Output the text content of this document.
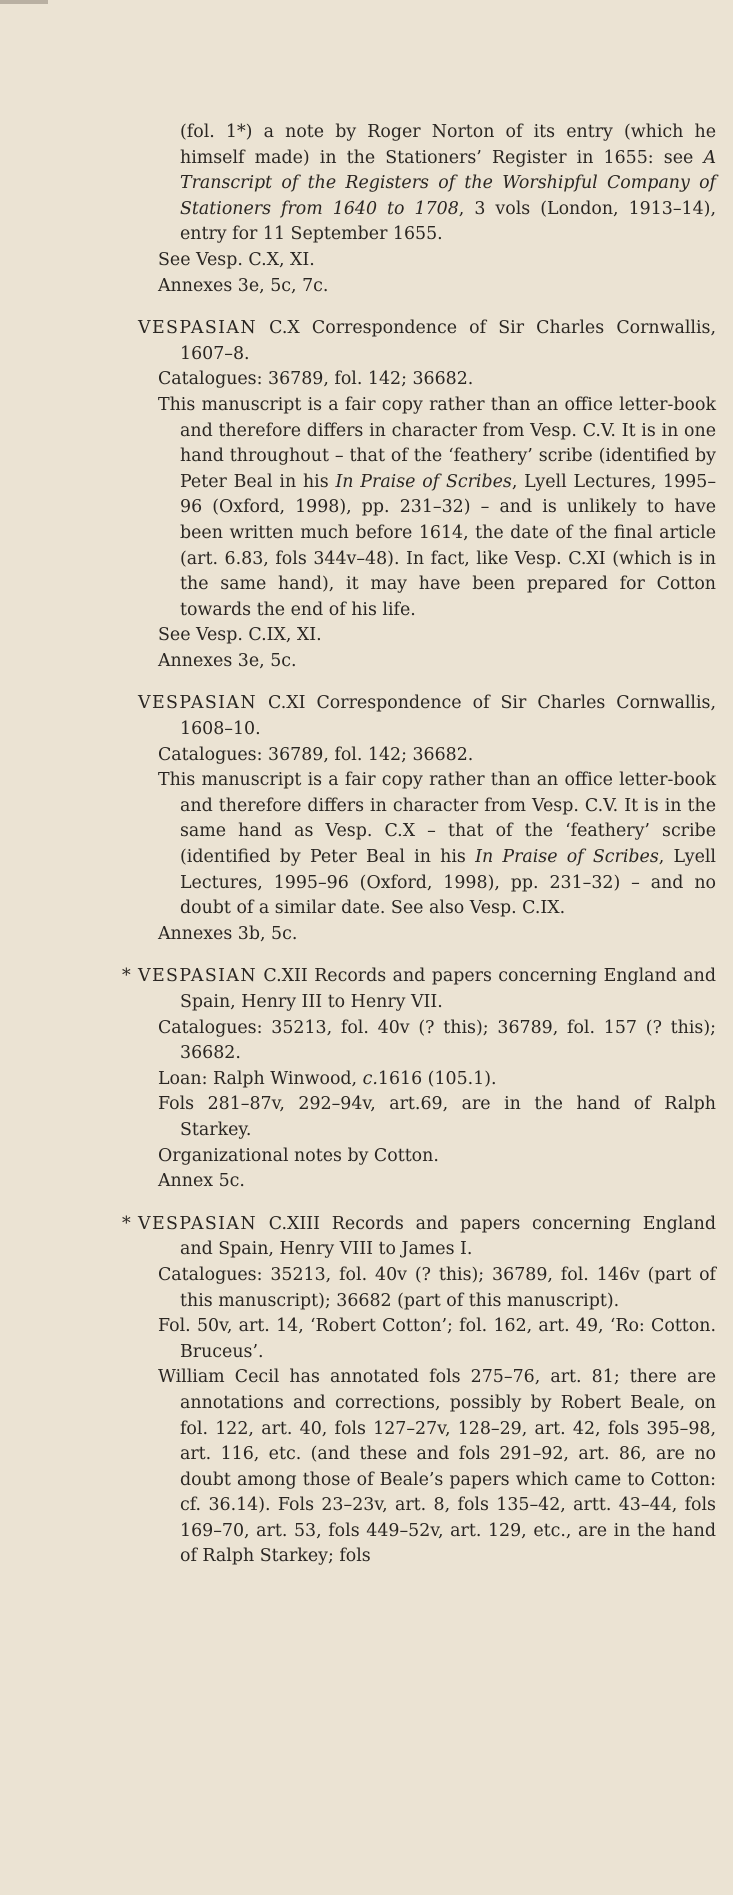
(fol. 1*) a note by Roger Norton of its entry (which he himself made) in the Stationers’ Register in 1655: see A Transcript of the Registers of the Worshipful Company of Stationers from 1640 to 1708, 3 vols (London, 1913–14), entry for 11 September 1655.

See Vesp. C.X, XI.

Annexes 3e, 5c, 7c.

VESPASIAN C.X Correspondence of Sir Charles Cornwallis, 1607–8.

Catalogues: 36789, fol. 142; 36682.

This manuscript is a fair copy rather than an office letter-book and therefore differs in character from Vesp. C.V. It is in one hand throughout – that of the ‘feathery’ scribe (identified by Peter Beal in his In Praise of Scribes, Lyell Lectures, 1995–96 (Oxford, 1998), pp. 231–32) – and is unlikely to have been written much before 1614, the date of the final article (art. 6.83, fols 344v–48). In fact, like Vesp. C.XI (which is in the same hand), it may have been prepared for Cotton towards the end of his life.

See Vesp. C.IX, XI.

Annexes 3e, 5c.

VESPASIAN C.XI Correspondence of Sir Charles Cornwallis, 1608–10.

Catalogues: 36789, fol. 142; 36682.

This manuscript is a fair copy rather than an office letter-book and therefore differs in character from Vesp. C.V. It is in the same hand as Vesp. C.X – that of the ‘feathery’ scribe (identified by Peter Beal in his In Praise of Scribes, Lyell Lectures, 1995–96 (Oxford, 1998), pp. 231–32) – and no doubt of a similar date. See also Vesp. C.IX.

Annexes 3b, 5c.

* VESPASIAN C.XII Records and papers concerning England and Spain, Henry III to Henry VII.

Catalogues: 35213, fol. 40v (? this); 36789, fol. 157 (? this); 36682.

Loan: Ralph Winwood, c.1616 (105.1).

Fols 281–87v, 292–94v, art.69, are in the hand of Ralph Starkey.

Organizational notes by Cotton.

Annex 5c.

* VESPASIAN C.XIII Records and papers concerning England and Spain, Henry VIII to James I.

Catalogues: 35213, fol. 40v (? this); 36789, fol. 146v (part of this manuscript); 36682 (part of this manuscript).

Fol. 50v, art. 14, ‘Robert Cotton’; fol. 162, art. 49, ‘Ro: Cotton. Bruceus’.

William Cecil has annotated fols 275–76, art. 81; there are annotations and corrections, possibly by Robert Beale, on fol. 122, art. 40, fols 127–27v, 128–29, art. 42, fols 395–98, art. 116, etc. (and these and fols 291–92, art. 86, are no doubt among those of Beale’s papers which came to Cotton: cf. 36.14). Fols 23–23v, art. 8, fols 135–42, artt. 43–44, fols 169–70, art. 53, fols 449–52v, art. 129, etc., are in the hand of Ralph Starkey; fols
